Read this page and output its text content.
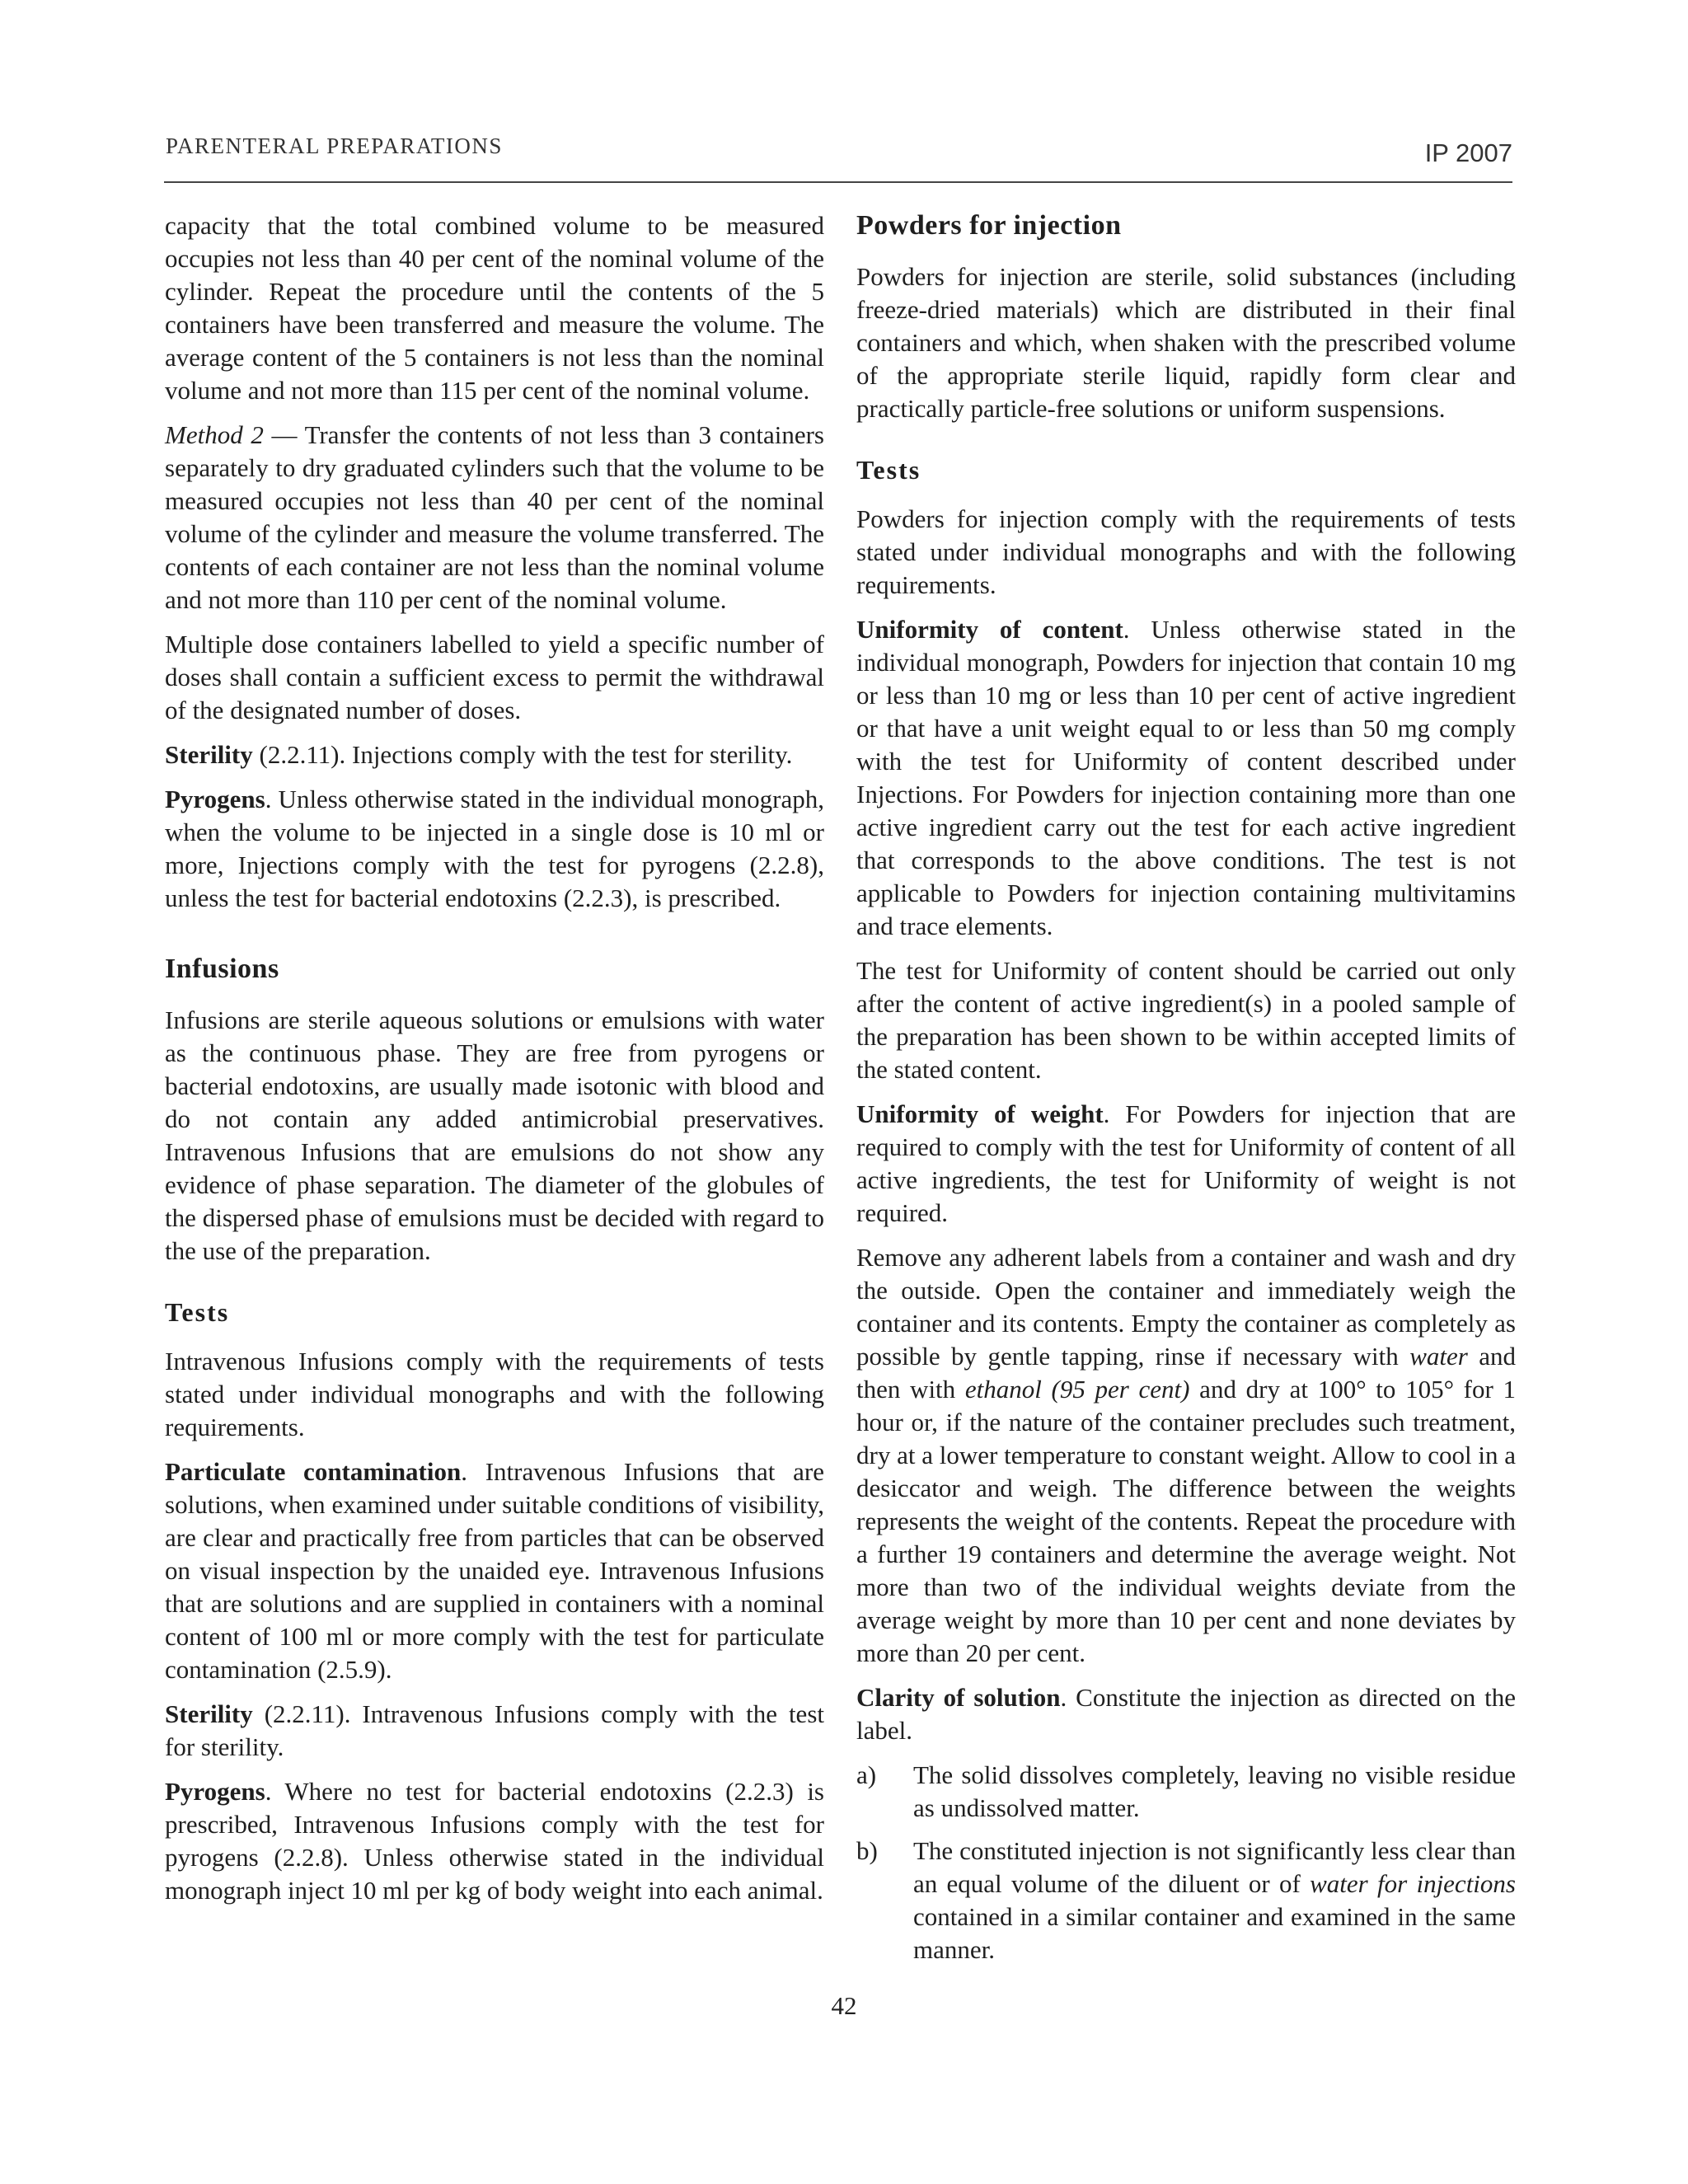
PARENTERAL PREPARATIONS	IP 2007

capacity that the total combined volume to be measured occupies not less than 40 per cent of the nominal volume of the cylinder. Repeat the procedure until the contents of the 5 containers have been transferred and measure the volume. The average content of the 5 containers is not less than the nominal volume and not more than 115 per cent of the nominal volume.

Method 2 — Transfer the contents of not less than 3 containers separately to dry graduated cylinders such that the volume to be measured occupies not less than 40 per cent of the nominal volume of the cylinder and measure the volume transferred. The contents of each container are not less than the nominal volume and not more than 110 per cent of the nominal volume.

Multiple dose containers labelled to yield a specific number of doses shall contain a sufficient excess to permit the withdrawal of the designated number of doses.

Sterility (2.2.11). Injections comply with the test for sterility.

Pyrogens. Unless otherwise stated in the individual monograph, when the volume to be injected in a single dose is 10 ml or more, Injections comply with the test for pyrogens (2.2.8), unless the test for bacterial endotoxins (2.2.3), is prescribed.

Infusions

Infusions are sterile aqueous solutions or emulsions with water as the continuous phase. They are free from pyrogens or bacterial endotoxins, are usually made isotonic with blood and do not contain any added antimicrobial preservatives. Intravenous Infusions that are emulsions do not show any evidence of phase separation. The diameter of the globules of the dispersed phase of emulsions must be decided with regard to the use of the preparation.

Tests

Intravenous Infusions comply with the requirements of tests stated under individual monographs and with the following requirements.

Particulate contamination. Intravenous Infusions that are solutions, when examined under suitable conditions of visibility, are clear and practically free from particles that can be observed on visual inspection by the unaided eye. Intravenous Infusions that are solutions and are supplied in containers with a nominal content of 100 ml or more comply with the test for particulate contamination (2.5.9).

Sterility (2.2.11). Intravenous Infusions comply with the test for sterility.

Pyrogens. Where no test for bacterial endotoxins (2.2.3) is prescribed, Intravenous Infusions comply with the test for pyrogens (2.2.8). Unless otherwise stated in the individual monograph inject 10 ml per kg of body weight into each animal.

Powders for injection

Powders for injection are sterile, solid substances (including freeze-dried materials) which are distributed in their final containers and which, when shaken with the prescribed volume of the appropriate sterile liquid, rapidly form clear and practically particle-free solutions or uniform suspensions.

Tests

Powders for injection comply with the requirements of tests stated under individual monographs and with the following requirements.

Uniformity of content. Unless otherwise stated in the individual monograph, Powders for injection that contain 10 mg or less than 10 mg or less than 10 per cent of active ingredient or that have a unit weight equal to or less than 50 mg comply with the test for Uniformity of content described under Injections. For Powders for injection containing more than one active ingredient carry out the test for each active ingredient that corresponds to the above conditions. The test is not applicable to Powders for injection containing multivitamins and trace elements.

The test for Uniformity of content should be carried out only after the content of active ingredient(s) in a pooled sample of the preparation has been shown to be within accepted limits of the stated content.

Uniformity of weight. For Powders for injection that are required to comply with the test for Uniformity of content of all active ingredients, the test for Uniformity of weight is not required.

Remove any adherent labels from a container and wash and dry the outside. Open the container and immediately weigh the container and its contents. Empty the container as completely as possible by gentle tapping, rinse if necessary with water and then with ethanol (95 per cent) and dry at 100° to 105° for 1 hour or, if the nature of the container precludes such treatment, dry at a lower temperature to constant weight. Allow to cool in a desiccator and weigh. The difference between the weights represents the weight of the contents. Repeat the procedure with a further 19 containers and determine the average weight. Not more than two of the individual weights deviate from the average weight by more than 10 per cent and none deviates by more than 20 per cent.

Clarity of solution. Constitute the injection as directed on the label.

a) The solid dissolves completely, leaving no visible residue as undissolved matter.
b) The constituted injection is not significantly less clear than an equal volume of the diluent or of water for injections contained in a similar container and examined in the same manner.
42
